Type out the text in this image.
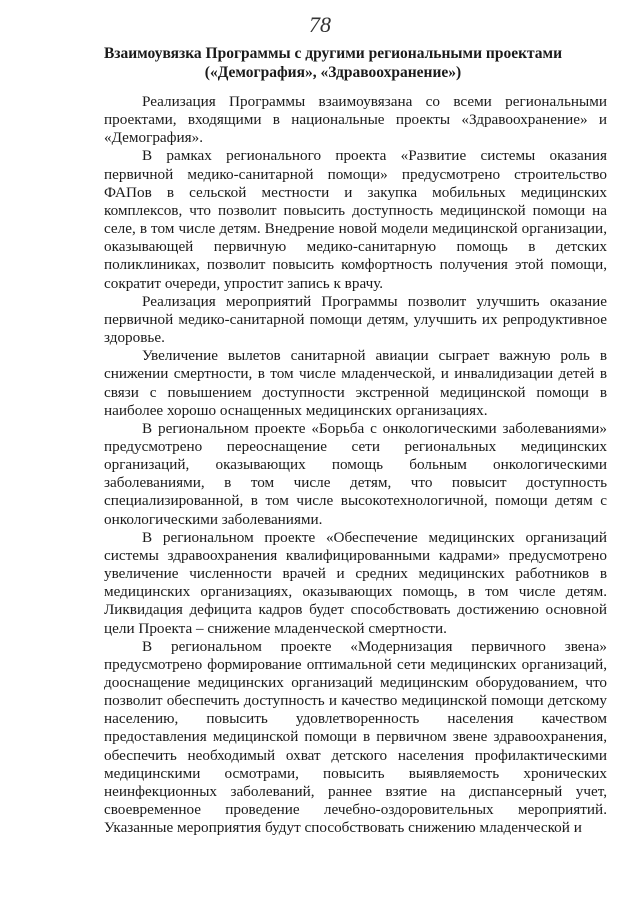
78
Взаимоувязка Программы с другими региональными проектами
(«Демография», «Здравоохранение»)

Реализация Программы взаимоувязана со всеми региональными проектами, входящими в национальные проекты «Здравоохранение» и «Демография».

В рамках регионального проекта «Развитие системы оказания первичной медико-санитарной помощи» предусмотрено строительство ФАПов в сельской местности и закупка мобильных медицинских комплексов, что позволит повысить доступность медицинской помощи на селе, в том числе детям. Внедрение новой модели медицинской организации, оказывающей первичную медико-санитарную помощь в детских поликлиниках, позволит повысить комфортность получения этой помощи, сократит очереди, упростит запись к врачу.

Реализация мероприятий Программы позволит улучшить оказание первичной медико-санитарной помощи детям, улучшить их репродуктивное здоровье.

Увеличение вылетов санитарной авиации сыграет важную роль в снижении смертности, в том числе младенческой, и инвалидизации детей в связи с повышением доступности экстренной медицинской помощи в наиболее хорошо оснащенных медицинских организациях.

В региональном проекте «Борьба с онкологическими заболеваниями» предусмотрено переоснащение сети региональных медицинских организаций, оказывающих помощь больным онкологическими заболеваниями, в том числе детям, что повысит доступность специализированной, в том числе высокотехнологичной, помощи детям с онкологическими заболеваниями.

В региональном проекте «Обеспечение медицинских организаций системы здравоохранения квалифицированными кадрами» предусмотрено увеличение численности врачей и средних медицинских работников в медицинских организациях, оказывающих помощь, в том числе детям. Ликвидация дефицита кадров будет способствовать достижению основной цели Проекта – снижение младенческой смертности.

В региональном проекте «Модернизация первичного звена» предусмотрено формирование оптимальной сети медицинских организаций, дооснащение медицинских организаций медицинским оборудованием, что позволит обеспечить доступность и качество медицинской помощи детскому населению, повысить удовлетворенность населения качеством предоставления медицинской помощи в первичном звене здравоохранения, обеспечить необходимый охват детского населения профилактическими медицинскими осмотрами, повысить выявляемость хронических неинфекционных заболеваний, раннее взятие на диспансерный учет, своевременное проведение лечебно-оздоровительных мероприятий. Указанные мероприятия будут способствовать снижению младенческой и
